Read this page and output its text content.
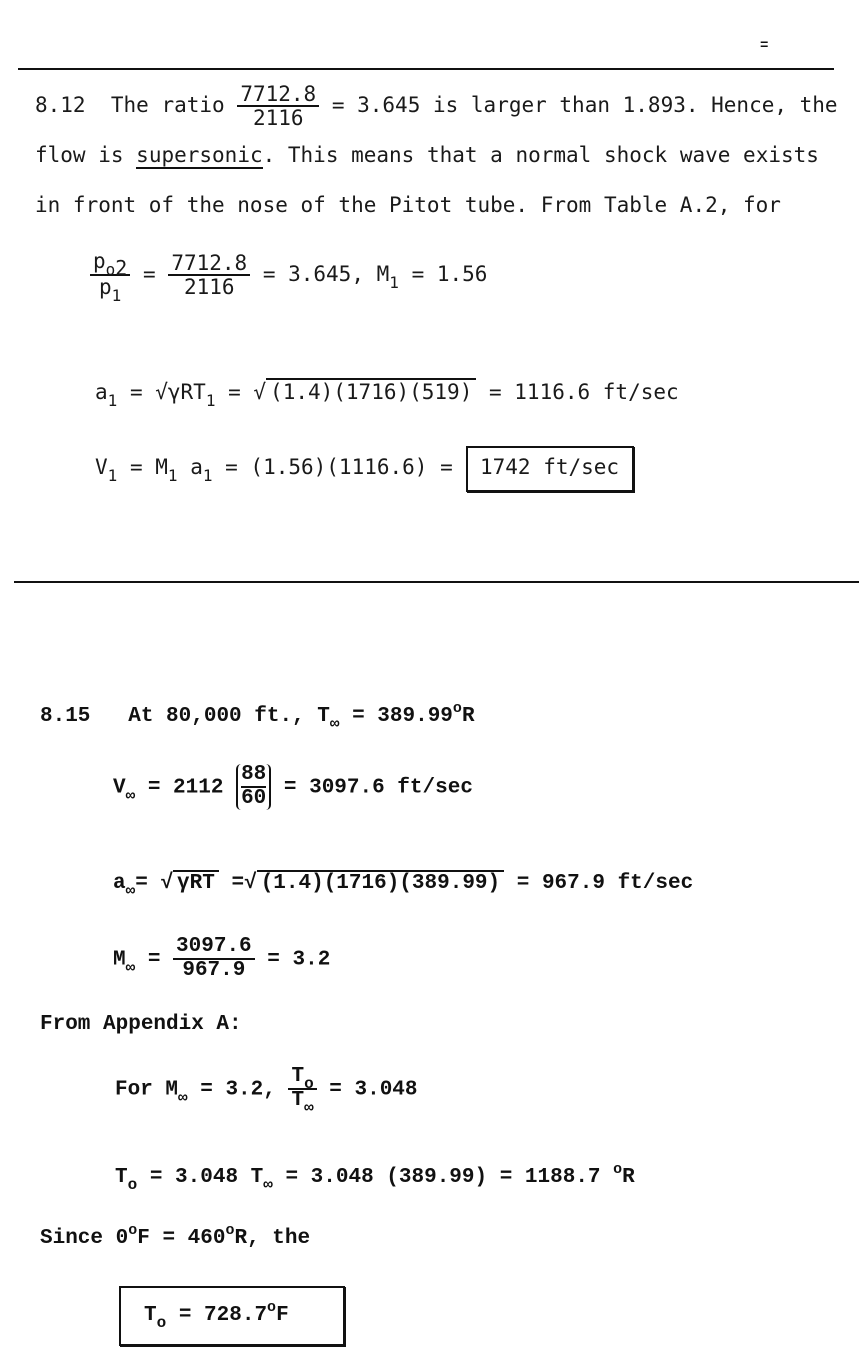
=
8.12 The ratio $\frac{7712.8}{2116} = 3.645$ is larger than 1.893. Hence, the
flow is supersonic. This means that a normal shock wave exists
in front of the nose of the Pitot tube. From Table A.2, for
$\frac{p_o2}{p_1} = \frac{7712.8}{2116} = 3.645$, $M_1 = 1.56$
$a_1 = √\gamma RT_1$ = √ (1.4)(1716)(519) = 1116.6 ft/sec
$V_1 = M_1$ $a_1 = (1.56)(1116.6) = 1742$ ft/sec
8.15 At 80,000 ft., $T_\infty = 389.99^oR$
$V_\infty = 2112 \frac{88}{60} = 3097.6$ ft/sec
$a_\infty=$ √ γRT =√ (1.4)(1716)(389.99) = 967.9 ft/sec
$M_\infty = \frac{3097.6}{967.9} = 3.2$
From Appendix A:
For $M_\infty = 3.2$, $\frac{T_o}{T_\infty} = 3.048$
$T_o = 3.048$ $T_\infty = 3.048$ (389.99) = 1188.7 $^o$R
Since $0^oF = 460^oR$, the
$T_o = 728.7^oF$
